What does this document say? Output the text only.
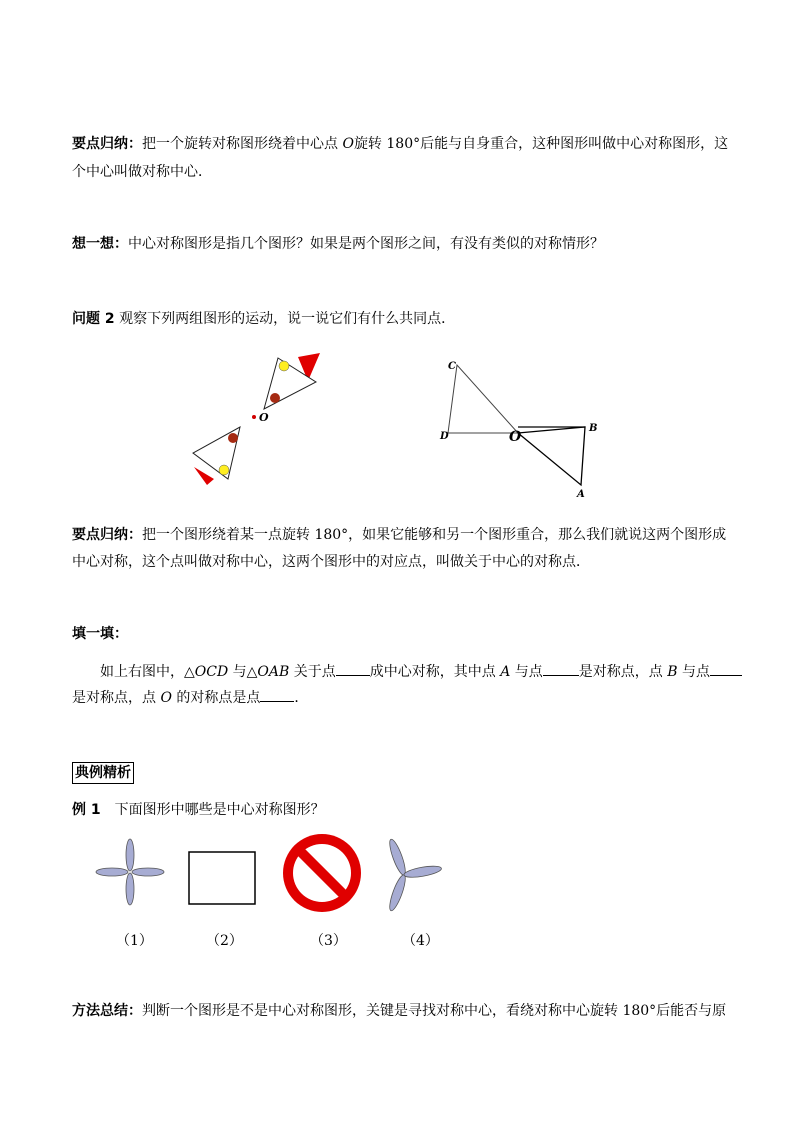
要点归纳：把一个旋转对称图形绕着中心点 O旋转 180°后能与自身重合，这种图形叫做中心对称图形，这
个中心叫做对称中心．
想一想：中心对称图形是指几个图形？如果是两个图形之间，有没有类似的对称情形？
问题 2 观察下列两组图形的运动，说一说它们有什么共同点．
O
C
D	O
B
A
要点归纳：把一个图形绕着某一点旋转 180°，如果它能够和另一个图形重合，那么我们就说这两个图形成
中心对称，这个点叫做对称中心，这两个图形中的对应点，叫做关于中心的对称点．
填一填：
如上右图中，△OCD 与△OAB 关于点 成中心对称，其中点 A 与点	是对称点，点 B 与点
是对称点，点 O 的对称点是点 ．
典例精析
例 1　下面图形中哪些是中心对称图形？
（1）	（2）	（3）	（4）
方法总结：判断一个图形是不是中心对称图形，关键是寻找对称中心，看绕对称中心旋转 180°后能否与原
